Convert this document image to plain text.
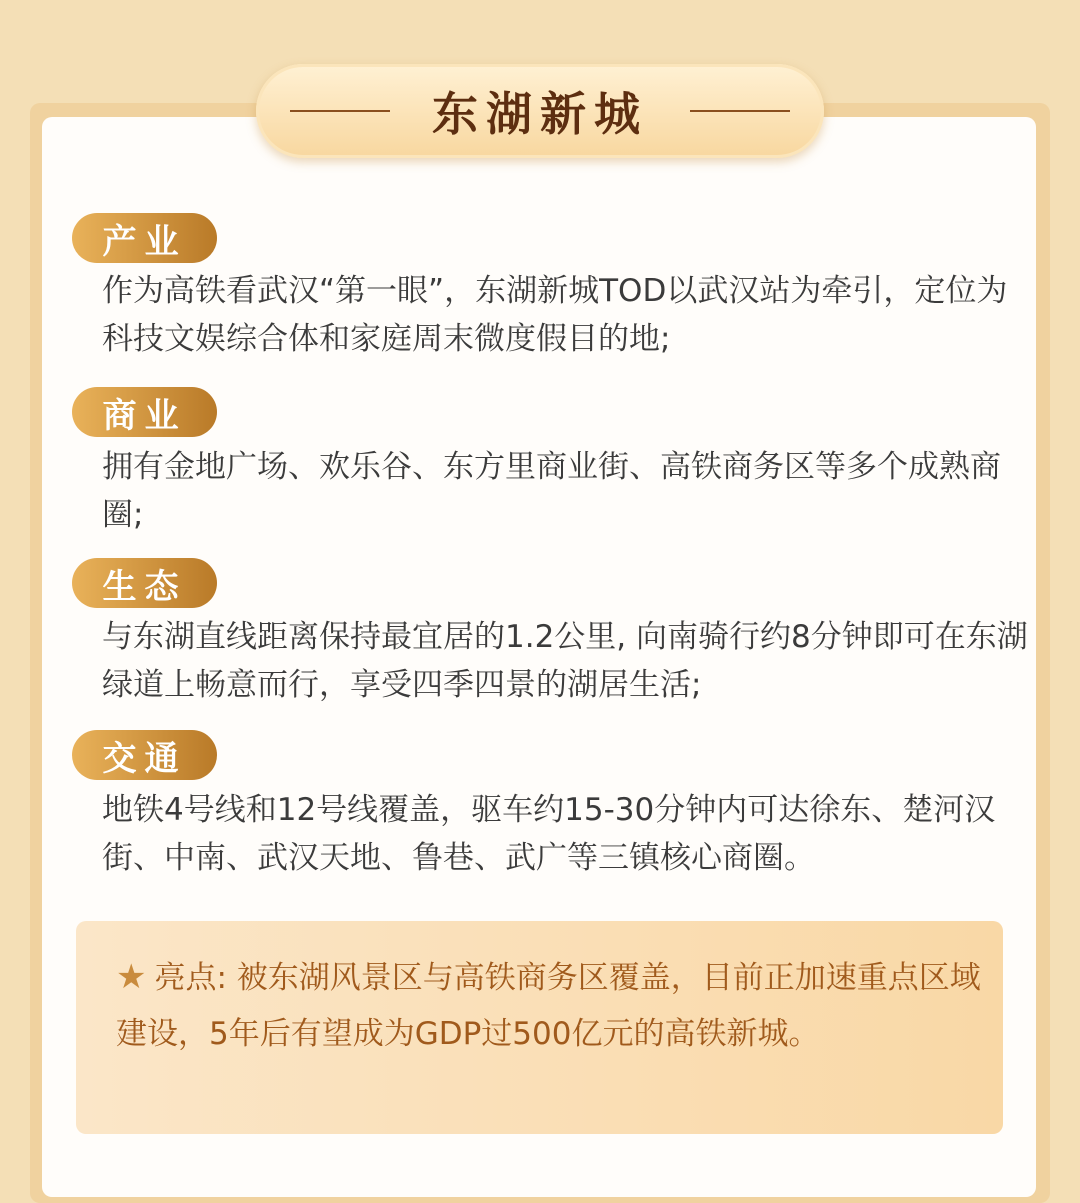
东湖新城
产业
作为高铁看武汉“第一眼”，东湖新城TOD以武汉站为牵引，定位为科技文娱综合体和家庭周末微度假目的地;
商业
拥有金地广场、欢乐谷、东方里商业街、高铁商务区等多个成熟商圈;
生态
与东湖直线距离保持最宜居的1.2公里, 向南骑行约8分钟即可在东湖绿道上畅意而行，享受四季四景的湖居生活;
交通
地铁4号线和12号线覆盖，驱车约15-30分钟内可达徐东、楚河汉街、中南、武汉天地、鲁巷、武广等三镇核心商圈。
★ 亮点: 被东湖风景区与高铁商务区覆盖，目前正加速重点区域建设，5年后有望成为GDP过500亿元的高铁新城。
